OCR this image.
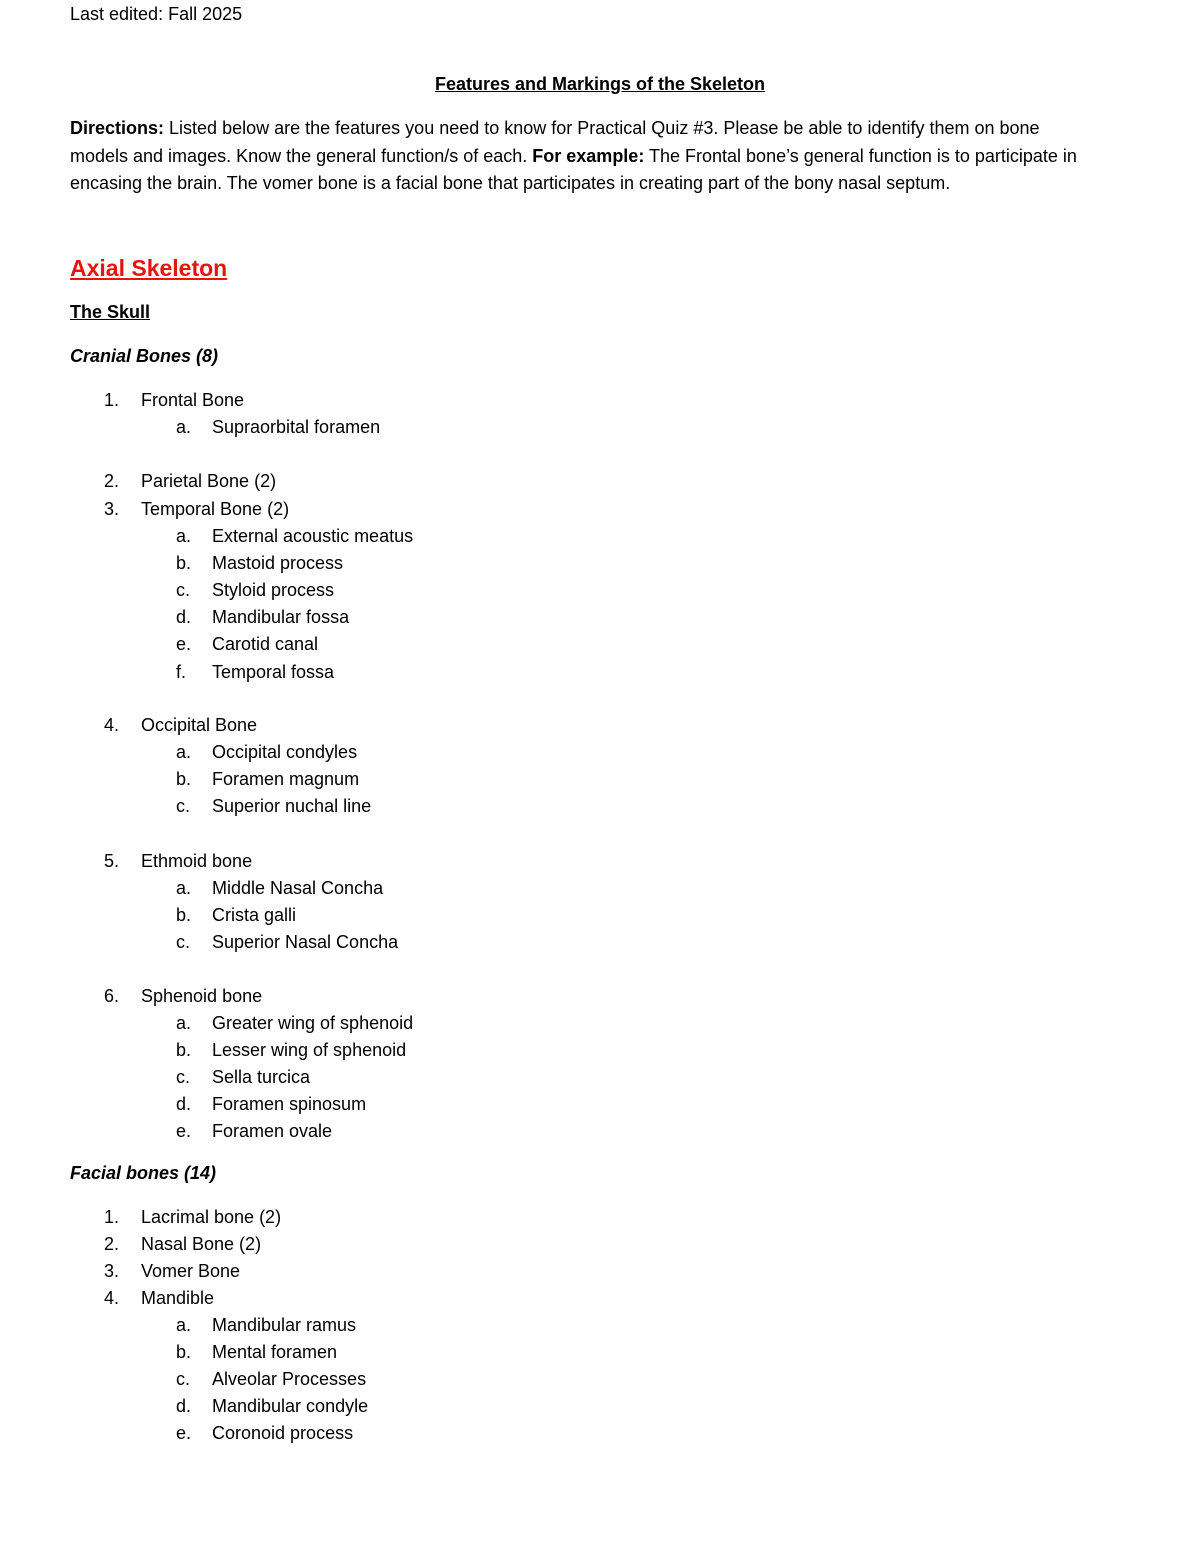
Last edited: Fall 2025
Features and Markings of the Skeleton
Directions: Listed below are the features you need to know for Practical Quiz #3. Please be able to identify them on bone
models and images. Know the general function/s of each. For example: The Frontal bone’s general function is to participate in
encasing the brain. The vomer bone is a facial bone that participates in creating part of the bony nasal septum.
Axial Skeleton
The Skull
Cranial Bones (8)
1. Frontal Bone
a. Supraorbital foramen
2. Parietal Bone (2)
3. Temporal Bone (2)
a. External acoustic meatus
b. Mastoid process
c. Styloid process
d. Mandibular fossa
e. Carotid canal
f. Temporal fossa
4. Occipital Bone
a. Occipital condyles
b. Foramen magnum
c. Superior nuchal line
5. Ethmoid bone
a. Middle Nasal Concha
b. Crista galli
c. Superior Nasal Concha
6. Sphenoid bone
a. Greater wing of sphenoid
b. Lesser wing of sphenoid
c. Sella turcica
d. Foramen spinosum
e. Foramen ovale
Facial bones (14)
1. Lacrimal bone (2)
2. Nasal Bone (2)
3. Vomer Bone
4. Mandible
a. Mandibular ramus
b. Mental foramen
c. Alveolar Processes
d. Mandibular condyle
e. Coronoid process
